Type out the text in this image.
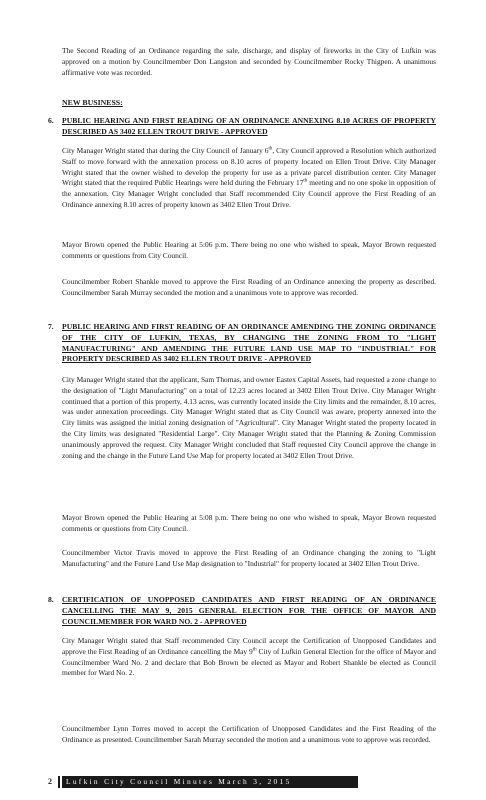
The Second Reading of an Ordinance regarding the sale, discharge, and display of fireworks in the City of Lufkin was approved on a motion by Councilmember Don Langston and seconded by Councilmember Rocky Thigpen. A unanimous affirmative vote was recorded.

NEW BUSINESS:

6. PUBLIC HEARING AND FIRST READING OF AN ORDINANCE ANNEXING 8.10 ACRES OF PROPERTY DESCRIBED AS 3402 ELLEN TROUT DRIVE - APPROVED

City Manager Wright stated that during the City Council of January 6th, City Council approved a Resolution which authorized Staff to move forward with the annexation process on 8.10 acres of property located on Ellen Trout Drive. City Manager Wright stated that the owner wished to develop the property for use as a private parcel distribution center. City Manager Wright stated that the required Public Hearings were held during the February 17th meeting and no one spoke in opposition of the annexation. City Manager Wright concluded that Staff recommended City Council approve the First Reading of an Ordinance annexing 8.10 acres of property known as 3402 Ellen Trout Drive.

Mayor Brown opened the Public Hearing at 5:06 p.m. There being no one who wished to speak, Mayor Brown requested comments or questions from City Council.

Councilmember Robert Shankle moved to approve the First Reading of an Ordinance annexing the property as described. Councilmember Sarah Murray seconded the motion and a unanimous vote to approve was recorded.

7. PUBLIC HEARING AND FIRST READING OF AN ORDINANCE AMENDING THE ZONING ORDINANCE OF THE CITY OF LUFKIN, TEXAS, BY CHANGING THE ZONING FROM TO "LIGHT MANUFACTURING" AND AMENDING THE FUTURE LAND USE MAP TO "INDUSTRIAL" FOR PROPERTY DESCRIBED AS 3402 ELLEN TROUT DRIVE - APPROVED

City Manager Wright stated that the applicant, Sam Thomas, and owner Eastex Capital Assets, had requested a zone change to the designation of "Light Manufacturing" on a total of 12.23 acres located at 3402 Ellen Trout Drive. City Manager Wright continued that a portion of this property, 4.13 acres, was currently located inside the City limits and the remainder, 8.10 acres, was under annexation proceedings. City Manager Wright stated that as City Council was aware, property annexed into the City limits was assigned the initial zoning designation of "Agricultural". City Manager Wright stated the property located in the City limits was designated "Residential Large". City Manager Wright stated that the Planning & Zoning Commission unanimously approved the request. City Manager Wright concluded that Staff requested City Council approve the change in zoning and the change in the Future Land Use Map for property located at 3402 Ellen Trout Drive.

Mayor Brown opened the Public Hearing at 5:08 p.m. There being no one who wished to speak, Mayor Brown requested comments or questions from City Council.

Councilmember Victor Travis moved to approve the First Reading of an Ordinance changing the zoning to "Light Manufacturing" and the Future Land Use Map designation to "Industrial" for property located at 3402 Ellen Trout Drive.

8. CERTIFICATION OF UNOPPOSED CANDIDATES AND FIRST READING OF AN ORDINANCE CANCELLING THE MAY 9, 2015 GENERAL ELECTION FOR THE OFFICE OF MAYOR AND COUNCILMEMBER FOR WARD NO. 2 - APPROVED

City Manager Wright stated that Staff recommended City Council accept the Certification of Unopposed Candidates and approve the First Reading of an Ordinance cancelling the May 9th City of Lufkin General Election for the office of Mayor and Councilmember Ward No. 2 and declare that Bob Brown be elected as Mayor and Robert Shankle be elected as Council member for Ward No. 2.

Councilmember Lynn Torres moved to accept the Certification of Unopposed Candidates and the First Reading of the Ordinance as presented. Councilmember Sarah Murray seconded the motion and a unanimous vote to approve was recorded.

2	Lufkin City Council Minutes March 3, 2015
